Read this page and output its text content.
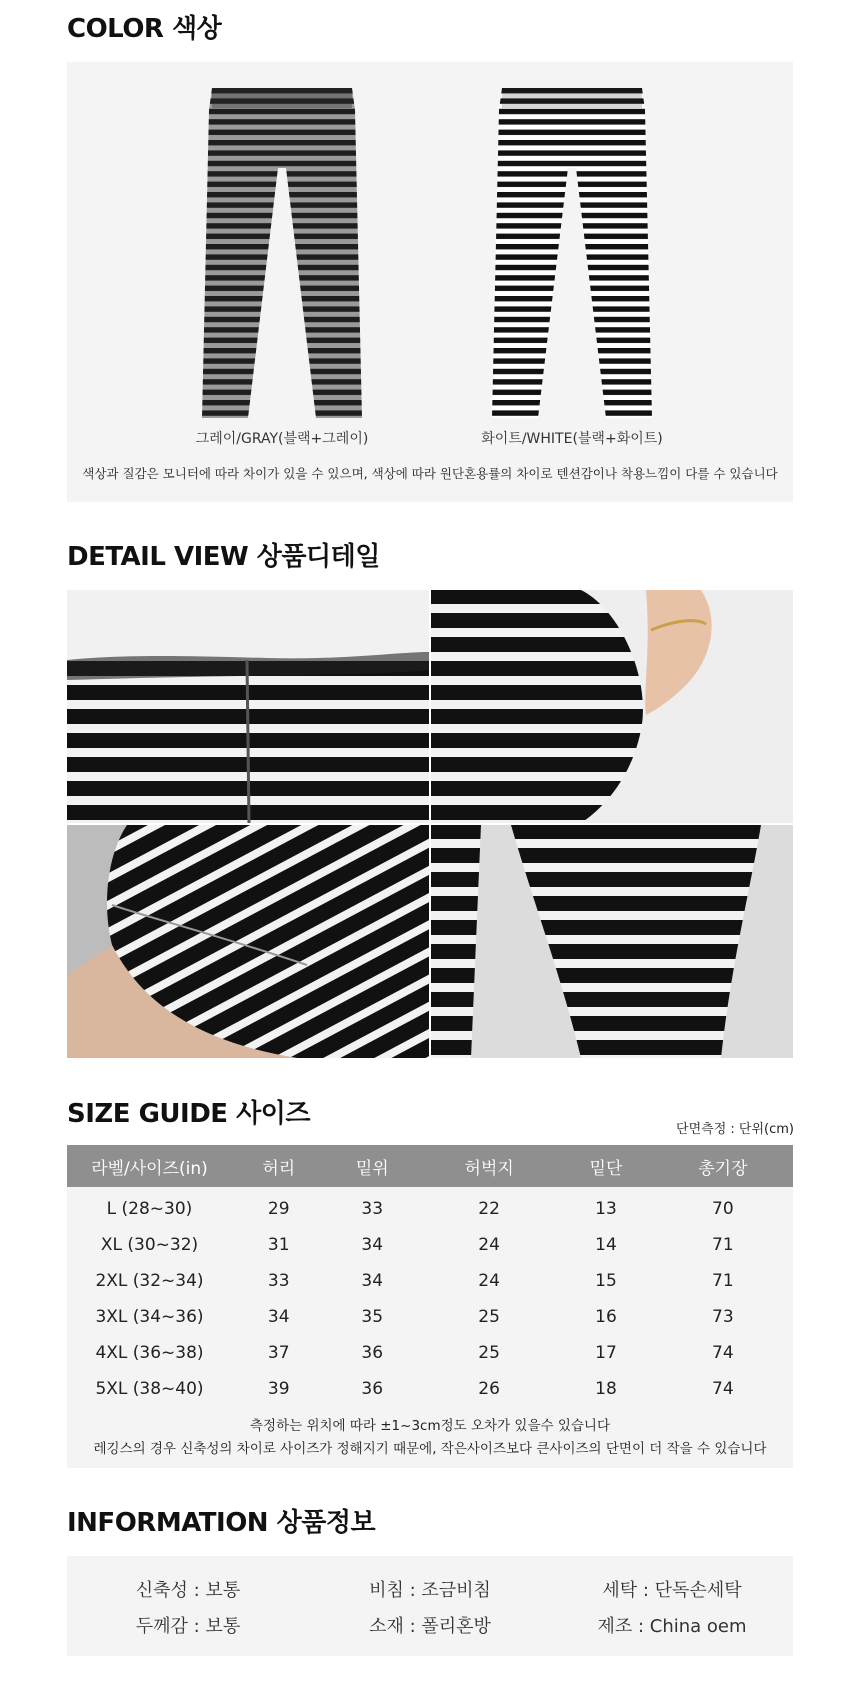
COLOR 색상
그레이/GRAY(블랙+그레이)	화이트/WHITE(블랙+화이트)
색상과 질감은 모니터에 따라 차이가 있을 수 있으며, 색상에 따라 원단혼용률의 차이로 텐션감이나 착용느낌이 다를 수 있습니다
DETAIL VIEW 상품디테일
SIZE GUIDE 사이즈
단면측정 : 단위(cm)
라벨/사이즈(in)	허리	밑위	허벅지	밑단	총기장
L (28~30)	29	33	22	13	70
XL (30~32)	31	34	24	14	71
2XL (32~34)	33	34	24	15	71
3XL (34~36)	34	35	25	16	73
4XL (36~38)	37	36	25	17	74
5XL (38~40)	39	36	26	18	74
측정하는 위치에 따라 ±1~3cm정도 오차가 있을수 있습니다
레깅스의 경우 신축성의 차이로 사이즈가 정해지기 때문에, 작은사이즈보다 큰사이즈의 단면이 더 작을 수 있습니다
INFORMATION 상품정보
신축성 : 보통	비침 : 조금비침	세탁 : 단독손세탁
두께감 : 보통	소재 : 폴리혼방	제조 : China oem
